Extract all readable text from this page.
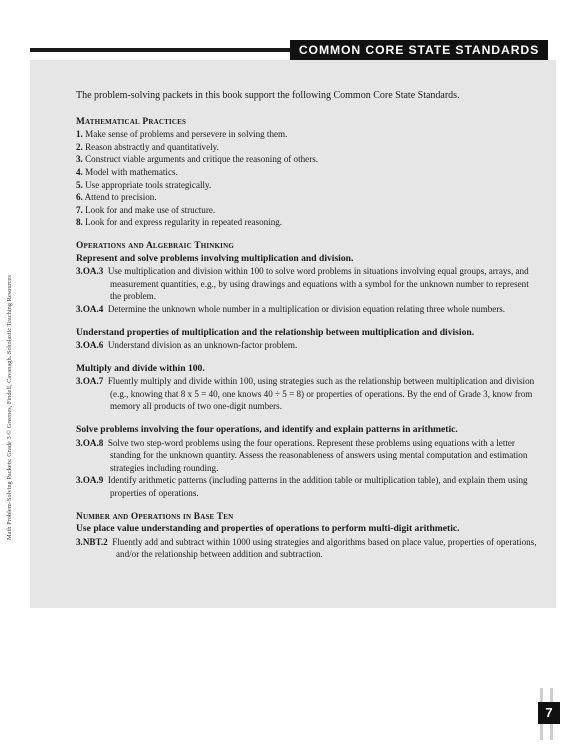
COMMON CORE STATE STANDARDS

The problem-solving packets in this book support the following Common Core State Standards.

Mathematical Practices

1. Make sense of problems and persevere in solving them.
2. Reason abstractly and quantitatively.
3. Construct viable arguments and critique the reasoning of others.
4. Model with mathematics.
5. Use appropriate tools strategically.
6. Attend to precision.
7. Look for and make use of structure.
8. Look for and express regularity in repeated reasoning.

Operations and Algebraic Thinking

Represent and solve problems involving multiplication and division.

3.OA.3 Use multiplication and division within 100 to solve word problems in situations involving equal groups, arrays, and measurement quantities, e.g., by using drawings and equations with a symbol for the unknown number to represent the problem.

3.OA.4 Determine the unknown whole number in a multiplication or division equation relating three whole numbers.

Understand properties of multiplication and the relationship between multiplication and division.

3.OA.6 Understand division as an unknown-factor problem.

Multiply and divide within 100.

3.OA.7 Fluently multiply and divide within 100, using strategies such as the relationship between multiplication and division (e.g., knowing that 8 x 5 = 40, one knows 40 ÷ 5 = 8) or properties of operations. By the end of Grade 3, know from memory all products of two one-digit numbers.

Solve problems involving the four operations, and identify and explain patterns in arithmetic.

3.OA.8 Solve two step-word problems using the four operations. Represent these problems using equations with a letter standing for the unknown quantity. Assess the reasonableness of answers using mental computation and estimation strategies including rounding.

3.OA.9 Identify arithmetic patterns (including patterns in the addition table or multiplication table), and explain them using properties of operations.

Number and Operations in Base Ten

Use place value understanding and properties of operations to perform multi-digit arithmetic.

3.NBT.2 Fluently add and subtract within 1000 using strategies and algorithms based on place value, properties of operations, and/or the relationship between addition and subtraction.

Math Problem-Solving Packets: Grade 3 © Greenes, Findell, Cavanagh. Scholastic Teaching Resources
7
